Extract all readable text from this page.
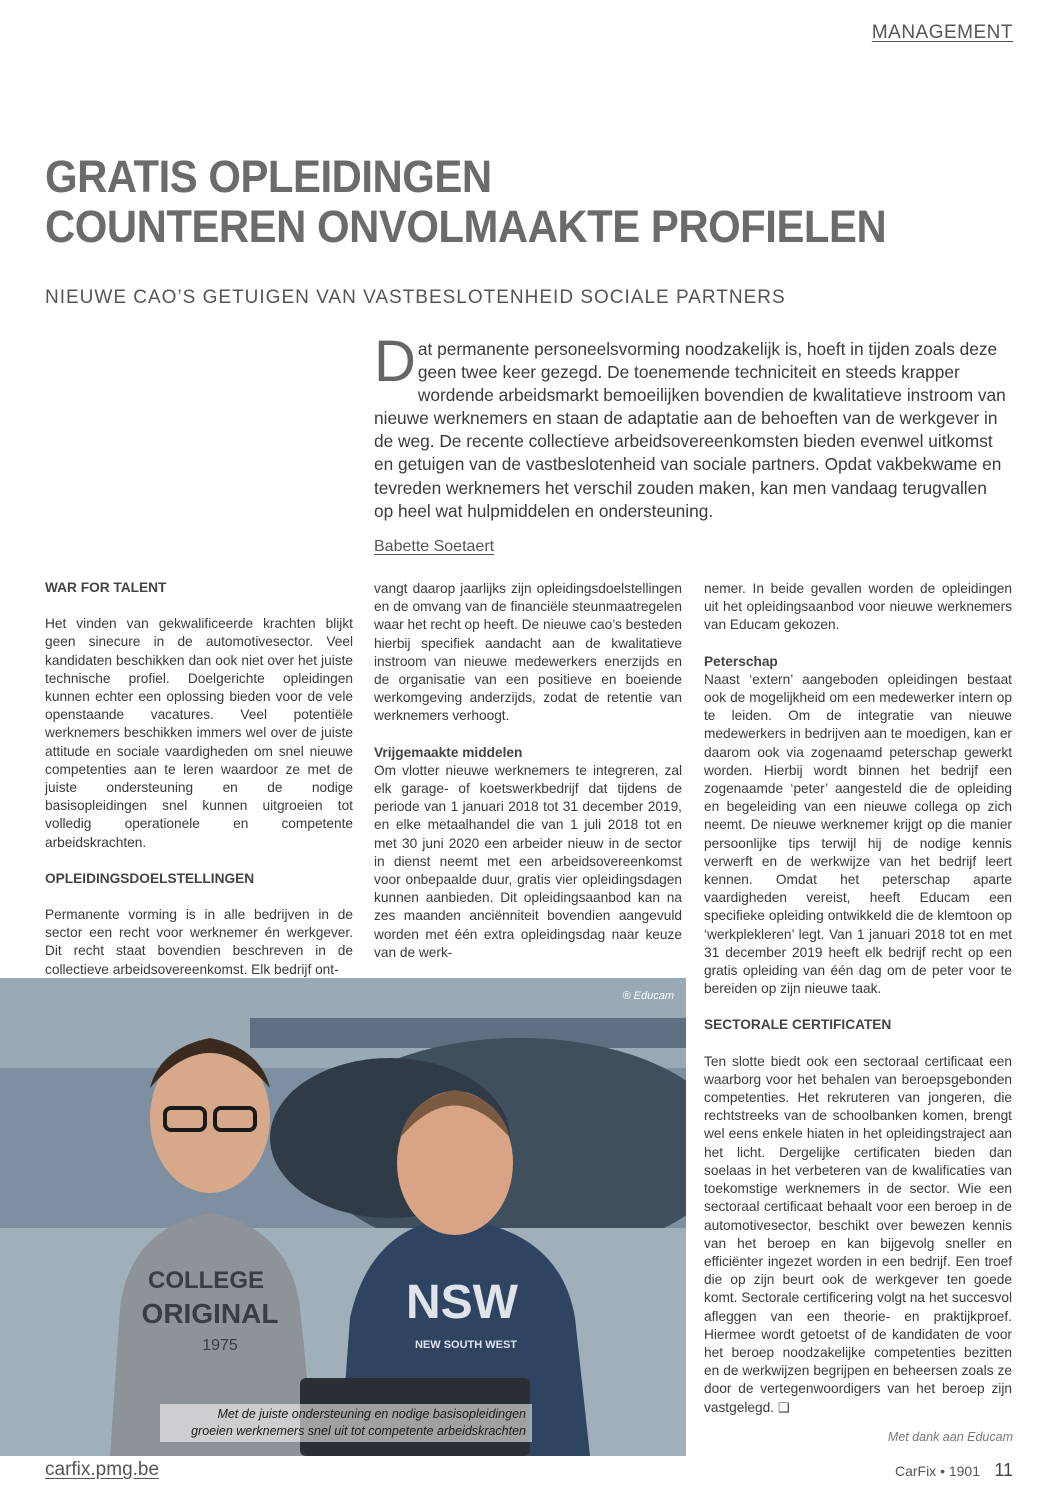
MANAGEMENT
GRATIS OPLEIDINGEN
COUNTEREN ONVOLMAAKTE PROFIELEN
NIEUWE CAO’S GETUIGEN VAN VASTBESLOTENHEID SOCIALE PARTNERS

Dat permanente personeelsvorming noodzakelijk is, hoeft in tijden zoals deze geen twee keer gezegd. De toenemende techniciteit en steeds krapper wordende arbeidsmarkt bemoeilijken bovendien de kwalitatieve instroom van nieuwe werknemers en staan de adaptatie aan de behoeften van de werkgever in de weg. De recente collectieve arbeidsovereenkomsten bieden evenwel uitkomst en getuigen van de vastbeslotenheid van sociale partners. Opdat vakbekwame en tevreden werknemers het verschil zouden maken, kan men vandaag terugvallen op heel wat hulpmiddelen en ondersteuning.

Babette Soetaert
WAR FOR TALENT

Het vinden van gekwalificeerde krachten blijkt geen sinecure in de automotivesector. Veel kandidaten beschikken dan ook niet over het juiste technische profiel. Doelgerichte opleidingen kunnen echter een oplossing bieden voor de vele openstaande vacatures. Veel potentiële werknemers beschikken immers wel over de juiste attitude en sociale vaardigheden om snel nieuwe competenties aan te leren waardoor ze met de juiste ondersteuning en de nodige basisopleidingen snel kunnen uitgroeien tot volledig operationele en competente arbeidskrachten.

OPLEIDINGSDOELSTELLINGEN

Permanente vorming is in alle bedrijven in de sector een recht voor werknemer én werkgever. Dit recht staat bovendien beschreven in de collectieve arbeidsovereenkomst. Elk bedrijf ont-

vangt daarop jaarlijks zijn opleidingsdoelstellingen en de omvang van de financiële steunmaatregelen waar het recht op heeft. De nieuwe cao’s besteden hierbij specifiek aandacht aan de kwalitatieve instroom van nieuwe medewerkers enerzijds en de organisatie van een positieve en boeiende werkomgeving anderzijds, zodat de retentie van werknemers verhoogt.

Vrijgemaakte middelen

Om vlotter nieuwe werknemers te integreren, zal elk garage- of koetswerkbedrijf dat tijdens de periode van 1 januari 2018 tot 31 december 2019, en elke metaalhandel die van 1 juli 2018 tot en met 30 juni 2020 een arbeider nieuw in de sector in dienst neemt met een arbeidsovereenkomst voor onbepaalde duur, gratis vier opleidingsdagen kunnen aanbieden. Dit opleidingsaanbod kan na zes maanden anciënniteit bovendien aangevuld worden met één extra opleidingsdag naar keuze van de werk-

nemer. In beide gevallen worden de opleidingen uit het opleidingsaanbod voor nieuwe werknemers van Educam gekozen.

Peterschap

Naast ‘extern’ aangeboden opleidingen bestaat ook de mogelijkheid om een medewerker intern op te leiden. Om de integratie van nieuwe medewerkers in bedrijven aan te moedigen, kan er daarom ook via zogenaamd peterschap gewerkt worden. Hierbij wordt binnen het bedrijf een zogenaamde ‘peter’ aangesteld die de opleiding en begeleiding van een nieuwe collega op zich neemt. De nieuwe werknemer krijgt op die manier persoonlijke tips terwijl hij de nodige kennis verwerft en de werkwijze van het bedrijf leert kennen. Omdat het peterschap aparte vaardigheden vereist, heeft Educam een specifieke opleiding ontwikkeld die de klemtoon op ‘werkplekleren’ legt. Van 1 januari 2018 tot en met 31 december 2019 heeft elk bedrijf recht op een gratis opleiding van één dag om de peter voor te bereiden op zijn nieuwe taak.

SECTORALE CERTIFICATEN

Ten slotte biedt ook een sectoraal certificaat een waarborg voor het behalen van beroepsgebonden competenties. Het rekruteren van jongeren, die rechtstreeks van de schoolbanken komen, brengt wel eens enkele hiaten in het opleidingstraject aan het licht. Dergelijke certificaten bieden dan soelaas in het verbeteren van de kwalificaties van toekomstige werknemers in de sector. Wie een sectoraal certificaat behaalt voor een beroep in de automotivesector, beschikt over bewezen kennis van het beroep en kan bijgevolg sneller en efficiënter ingezet worden in een bedrijf. Een troef die op zijn beurt ook de werkgever ten goede komt. Sectorale certificering volgt na het succesvol afleggen van een theorie- en praktijkproef. Hiermee wordt getoetst of de kandidaten de voor het beroep noodzakelijke competenties bezitten en de werkwijzen begrijpen en beheersen zoals ze door de vertegenwoordigers van het beroep zijn vastgelegd. ❑

COLLEGE
ORIGINAL
1975
NSW
NEW SOUTH WEST
® Educam
Met de juiste ondersteuning en nodige basisopleidingen
groeien werknemers snel uit tot competente arbeidskrachten	Met dank aan Educam
carfix.pmg.be	CarFix • 1901 11
